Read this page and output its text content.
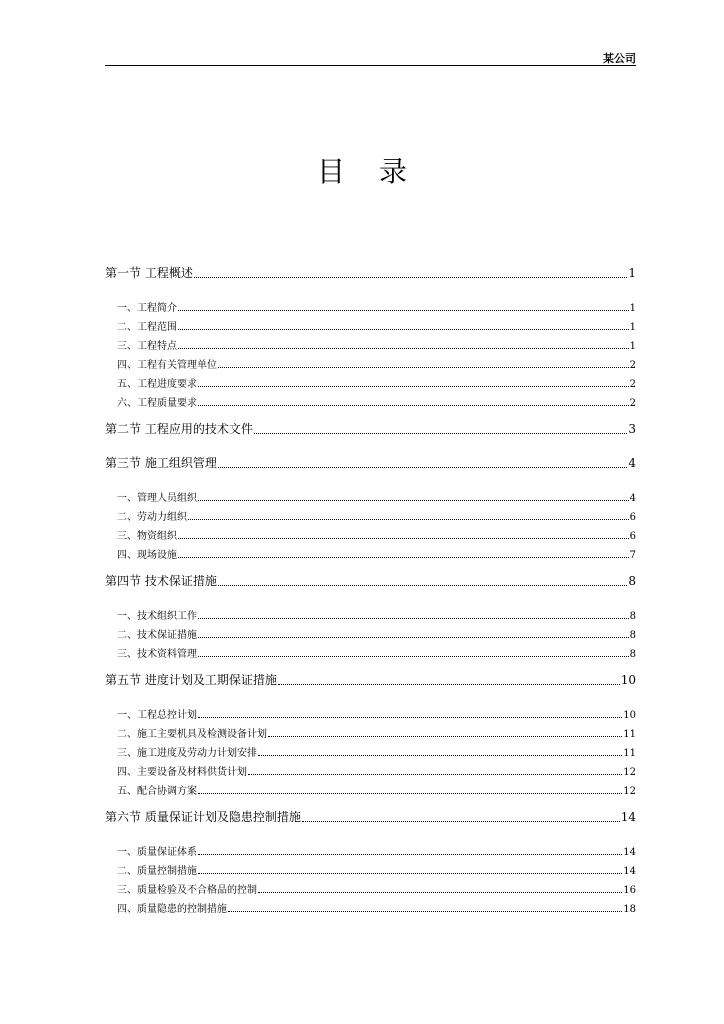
某公司
目录
第一节 工程概述	1
一、工程简介	1
二、工程范围	1
三、工程特点	1
四、工程有关管理单位	2
五、工程进度要求	2
六、工程质量要求	2
第二节 工程应用的技术文件	3
第三节 施工组织管理	4
一、管理人员组织	4
二、劳动力组织	6
三、物资组织	6
四、现场设施	7
第四节 技术保证措施	8
一、技术组织工作	8
二、技术保证措施	8
三、技术资料管理	8
第五节 进度计划及工期保证措施	10
一、工程总控计划	10
二、施工主要机具及检测设备计划	11
三、施工进度及劳动力计划安排	11
四、主要设备及材料供货计划	12
五、配合协调方案	12
第六节 质量保证计划及隐患控制措施	14
一、质量保证体系	14
二、质量控制措施	14
三、质量检验及不合格品的控制	16
四、质量隐患的控制措施	18
